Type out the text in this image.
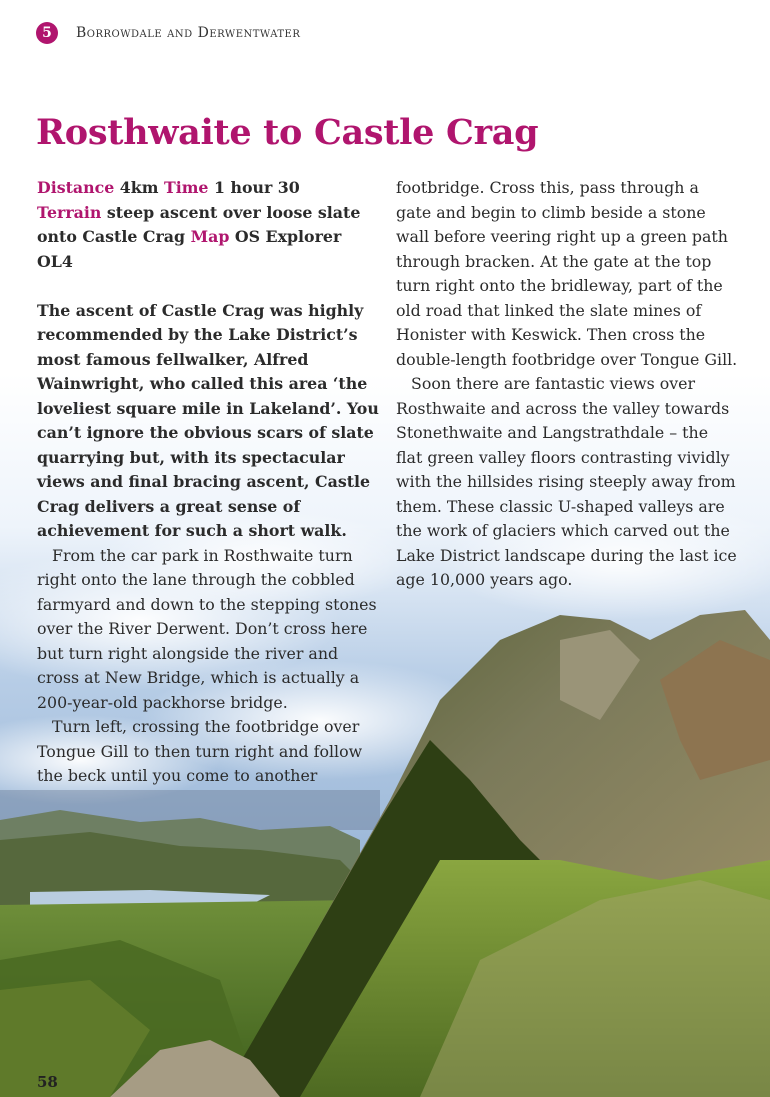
5	Borrowdale and Derwentwater
Rosthwaite to Castle Crag
Distance 4km Time 1 hour 30
Terrain steep ascent over loose slate onto Castle Crag Map OS Explorer OL4

The ascent of Castle Crag was highly recommended by the Lake District’s most famous fellwalker, Alfred Wainwright, who called this area ‘the loveliest square mile in Lakeland’. You can’t ignore the obvious scars of slate quarrying but, with its spectacular views and final bracing ascent, Castle Crag delivers a great sense of achievement for such a short walk.

From the car park in Rosthwaite turn right onto the lane through the cobbled farmyard and down to the stepping stones over the River Derwent. Don’t cross here but turn right alongside the river and cross at New Bridge, which is actually a 200-year-old packhorse bridge.

Turn left, crossing the footbridge over Tongue Gill to then turn right and follow the beck until you come to another

footbridge. Cross this, pass through a gate and begin to climb beside a stone wall before veering right up a green path through bracken. At the gate at the top turn right onto the bridleway, part of the old road that linked the slate mines of Honister with Keswick. Then cross the double-length footbridge over Tongue Gill.

Soon there are fantastic views over Rosthwaite and across the valley towards Stonethwaite and Langstrathdale – the flat green valley floors contrasting vividly with the hillsides rising steeply away from them. These classic U-shaped valleys are the work of glaciers which carved out the Lake District landscape during the last ice age 10,000 years ago.

58
